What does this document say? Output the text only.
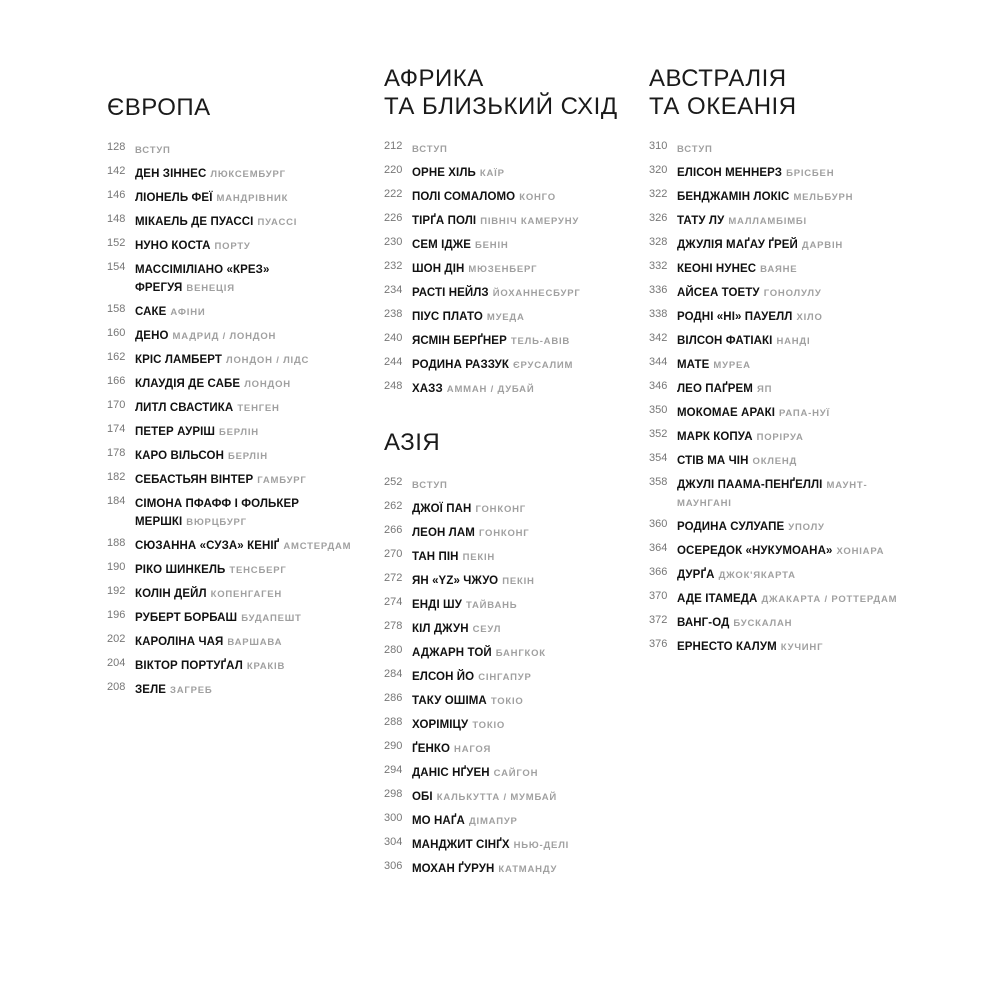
ЄВРОПА
128	ВСТУП
142 ДЕН ЗІННЕС ЛЮКСЕМБУРГ
146 ЛІОНЕЛЬ ФЕЇ МАНДРІВНИК
148 МІКАЕЛЬ ДЕ ПУАССІ ПУАССІ
152 НУНО КОСТА ПОРТУ
154 МАССІМІЛІАНО «КРЕЗ» ФРЕГУЯ ВЕНЕЦІЯ
158 САКЕ АФІНИ
160 ДЕНО МАДРИД / ЛОНДОН
162 КРІС ЛАМБЕРТ ЛОНДОН / ЛІДС
166 КЛАУДІЯ ДЕ САБЕ ЛОНДОН
170 ЛИТЛ СВАСТИКА ТЕНГЕН
174 ПЕТЕР АУРІШ БЕРЛІН
178 КАРО ВІЛЬСОН БЕРЛІН
182 СЕБАСТЬЯН ВІНТЕР ГАМБУРГ
184 СІМОНА ПФАФФ І ФОЛЬКЕР МЕРШКІ ВЮРЦБУРГ
188 СЮЗАННА «СУЗА» КЕНІҐ АМСТЕРДАМ
190 РІКО ШИНКЕЛЬ ТЕНСБЕРГ
192 КОЛІН ДЕЙЛ КОПЕНГАГЕН
196 РУБЕРТ БОРБАШ БУДАПЕШТ
202 КАРОЛІНА ЧАЯ ВАРШАВА
204 ВІКТОР ПОРТУҐАЛ КРАКІВ
208 ЗЕЛЕ ЗАГРЕБ
АФРИКА
ТА БЛИЗЬКИЙ СХІД
212	ВСТУП
220 ОРНЕ ХІЛЬ КАЇР
222 ПОЛІ СОМАЛОМО КОНГО
226 ТІРҐА ПОЛІ ПІВНІЧ КАМЕРУНУ
230 СЕМ ІДЖЕ БЕНІН
232 ШОН ДІН МЮЗЕНБЕРГ
234 РАСТІ НЕЙЛЗ ЙОХАННЕСБУРГ
238 ПІУС ПЛАТО МУЕДА
240 ЯСМІН БЕРҐНЕР ТЕЛЬ-АВІВ
244 РОДИНА РАЗЗУК ЄРУСАЛИМ
248 ХАЗЗ АММАН / ДУБАЙ
АЗІЯ
252	ВСТУП
262 ДЖОЇ ПАН ГОНКОНГ
266 ЛЕОН ЛАМ ГОНКОНГ
270 ТАН ПІН ПЕКІН
272 ЯН «YZ» ЧЖУО ПЕКІН
274 ЕНДІ ШУ ТАЙВАНЬ
278 КІЛ ДЖУН СЕУЛ
280 АДЖАРН ТОЙ БАНГКОК
284 ЕЛСОН ЙО СІНГАПУР
286 ТАКУ ОШІМА ТОКІО
288 ХОРІМІЦУ ТОКІО
290 ҐЕНКО НАГОЯ
294 ДАНІС НҐУЕН САЙГОН
298 ОБІ КАЛЬКУТТА / МУМБАЙ
300 МО НАҐА ДІМАПУР
304 МАНДЖИТ СІНҐХ НЬЮ-ДЕЛІ
306 МОХАН ҐУРУН КАТМАНДУ
АВСТРАЛІЯ
ТА ОКЕАНІЯ
310	ВСТУП
320 ЕЛІСОН МЕННЕРЗ БРІСБЕН
322 БЕНДЖАМІН ЛОКІС МЕЛЬБУРН
326 ТАТУ ЛУ МАЛЛАМБІМБІ
328 ДЖУЛІЯ МАҐАУ ҐРЕЙ ДАРВІН
332 КЕОНІ НУНЕС ВАЯНЕ
336 АЙСЕА ТОЕТУ ГОНОЛУЛУ
338 РОДНІ «НІ» ПАУЕЛЛ ХІЛО
342 ВІЛСОН ФАТІАКІ НАНДІ
344 МАТЕ МУРЕА
346 ЛЕО ПАҐРЕМ ЯП
350 МОКОМАЕ АРАКІ РАПА-НУЇ
352 МАРК КОПУА ПОРІРУА
354 СТІВ МА ЧІН ОКЛЕНД
358 ДЖУЛІ ПААМА-ПЕНҐЕЛЛІ МАУНТ-МАУНГАНІ
360 РОДИНА СУЛУАПЕ УПОЛУ
364 ОСЕРЕДОК «НУКУМОАНА» ХОНІАРА
366 ДУРҐА ДЖОК'ЯКАРТА
370 АДЕ ІТАМЕДА ДЖАКАРТА / РОТТЕРДАМ
372 ВАНГ-ОД БУСКАЛАН
376 ЕРНЕСТО КАЛУМ КУЧИНГ
